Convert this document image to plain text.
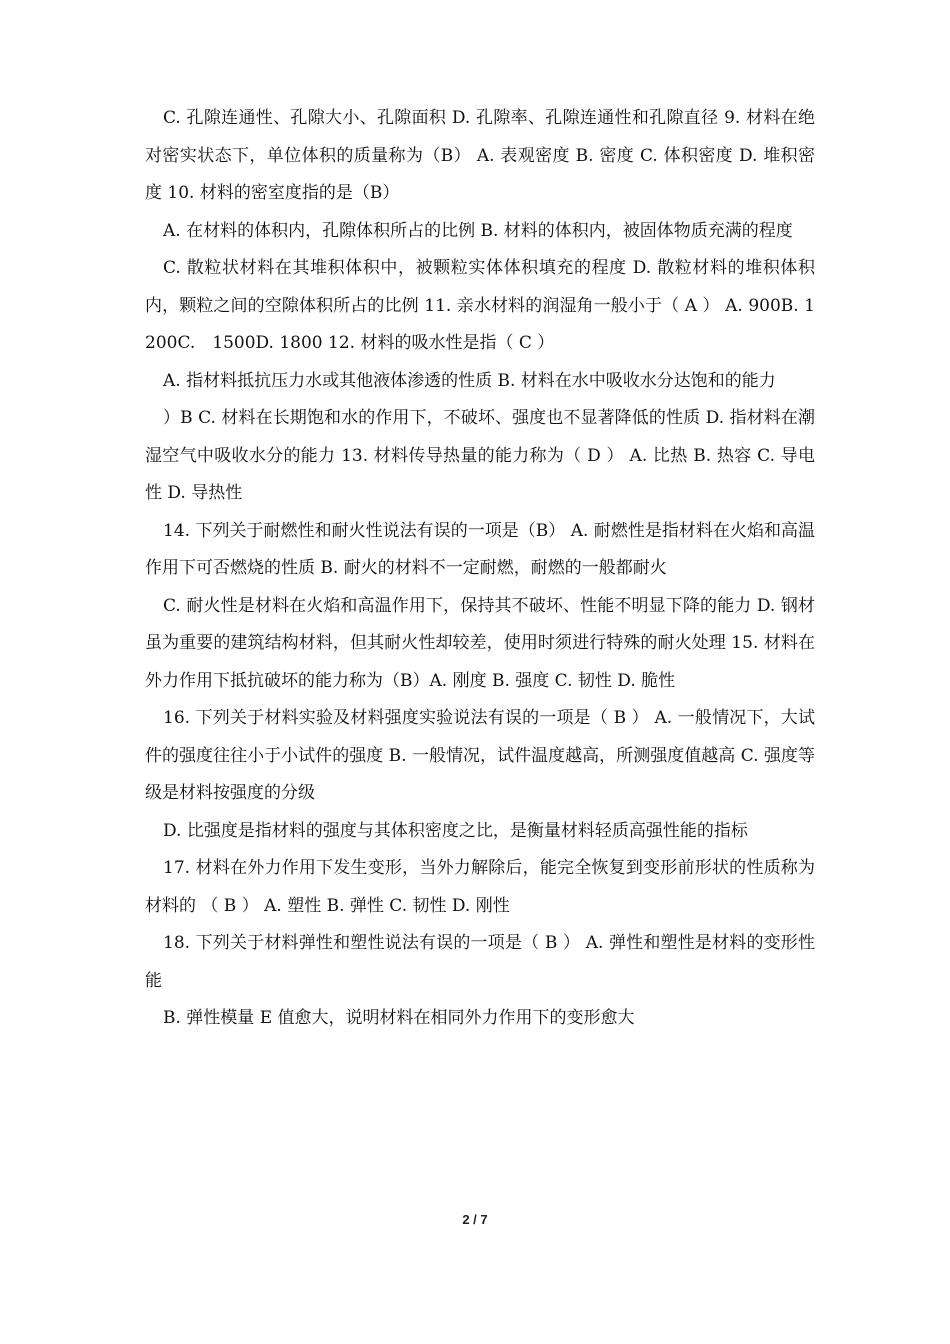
C. 孔隙连通性、孔隙大小、孔隙面积 D. 孔隙率、孔隙连通性和孔隙直径 9. 材料在绝对密实状态下，单位体积的质量称为（B） A. 表观密度 B. 密度 C. 体积密度 D. 堆积密度 10. 材料的密室度指的是（B）

A. 在材料的体积内，孔隙体积所占的比例 B. 材料的体积内，被固体物质充满的程度

C. 散粒状材料在其堆积体积中，被颗粒实体体积填充的程度 D. 散粒材料的堆积体积内，颗粒之间的空隙体积所占的比例 11. 亲水材料的润湿角一般小于（ A ） A. 900B. 1200C.　1500D. 1800 12. 材料的吸水性是指（ C ）

A. 指材料抵抗压力水或其他液体渗透的性质 B. 材料在水中吸收水分达饱和的能力

）B C. 材料在长期饱和水的作用下，不破坏、强度也不显著降低的性质 D. 指材料在潮湿空气中吸收水分的能力 13. 材料传导热量的能力称为（ D ） A. 比热 B. 热容 C. 导电性 D. 导热性

14. 下列关于耐燃性和耐火性说法有误的一项是（B） A. 耐燃性是指材料在火焰和高温作用下可否燃烧的性质 B. 耐火的材料不一定耐燃，耐燃的一般都耐火

C. 耐火性是材料在火焰和高温作用下，保持其不破坏、性能不明显下降的能力 D. 钢材虽为重要的建筑结构材料，但其耐火性却较差，使用时须进行特殊的耐火处理 15. 材料在外力作用下抵抗破坏的能力称为（B）A. 刚度 B. 强度 C. 韧性 D. 脆性

16. 下列关于材料实验及材料强度实验说法有误的一项是（ B ） A. 一般情况下，大试件的强度往往小于小试件的强度 B. 一般情况，试件温度越高，所测强度值越高 C. 强度等级是材料按强度的分级

D. 比强度是指材料的强度与其体积密度之比，是衡量材料轻质高强性能的指标

17. 材料在外力作用下发生变形，当外力解除后，能完全恢复到变形前形状的性质称为材料的 （ B ） A. 塑性 B. 弹性 C. 韧性 D. 刚性

18. 下列关于材料弹性和塑性说法有误的一项是（ B ） A. 弹性和塑性是材料的变形性能

B. 弹性模量 E 值愈大，说明材料在相同外力作用下的变形愈大

2 / 7
